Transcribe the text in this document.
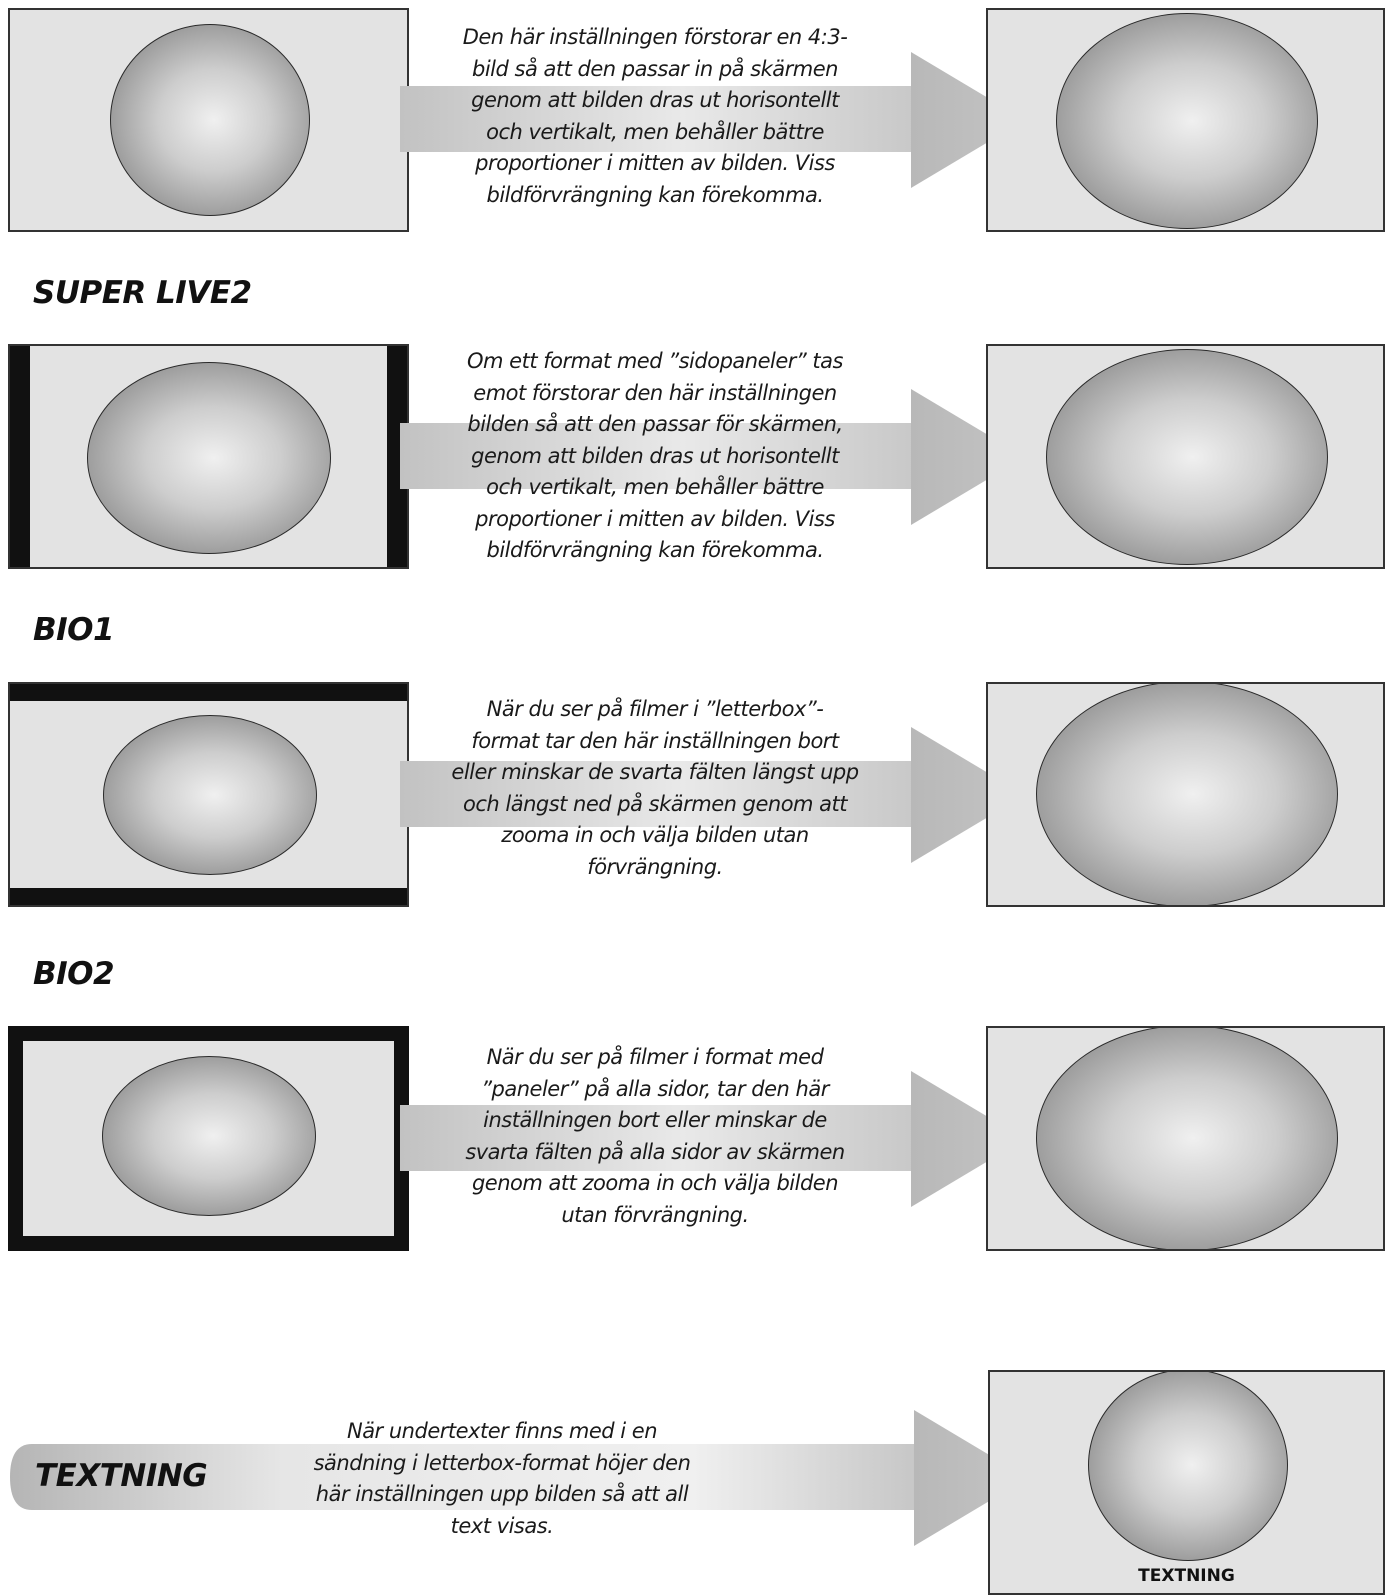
Den här inställningen förstorar en 4:3-
bild så att den passar in på skärmen
genom att bilden dras ut horisontellt
och vertikalt, men behåller bättre
proportioner i mitten av bilden. Viss
bildförvrängning kan förekomma.
SUPER LIVE2
Om ett format med ”sidopaneler” tas
emot förstorar den här inställningen
bilden så att den passar för skärmen,
genom att bilden dras ut horisontellt
och vertikalt, men behåller bättre
proportioner i mitten av bilden. Viss
bildförvrängning kan förekomma.
BIO1
När du ser på filmer i ”letterbox”-
format tar den här inställningen bort
eller minskar de svarta fälten längst upp
och längst ned på skärmen genom att
zooma in och välja bilden utan
förvrängning.
BIO2
När du ser på filmer i format med
”paneler” på alla sidor, tar den här
inställningen bort eller minskar de
svarta fälten på alla sidor av skärmen
genom att zooma in och välja bilden
utan förvrängning.
TEXTNING
När undertexter finns med i en
sändning i letterbox-format höjer den
här inställningen upp bilden så att all
text visas.
TEXTNING
